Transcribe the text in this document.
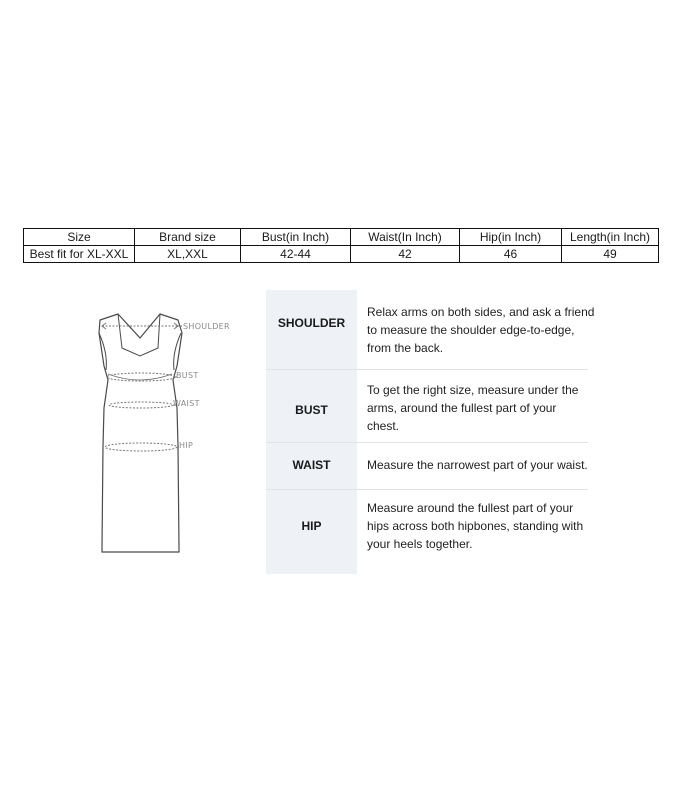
Size	Brand size	Bust(in Inch)	Waist(In Inch)	Hip(in Inch)	Length(in Inch)
Best fit for XL-XXL	XL,XXL	42-44	42	46	49
SHOULDER
BUST
WAIST
HIP
SHOULDER
Relax arms on both sides, and ask a friend
to measure the shoulder edge-to-edge,
from the back.
BUST
To get the right size, measure under the
arms, around the fullest part of your
chest.
WAIST	Measure the narrowest part of your waist.
HIP
Measure around the fullest part of your
hips across both hipbones, standing with
your heels together.
